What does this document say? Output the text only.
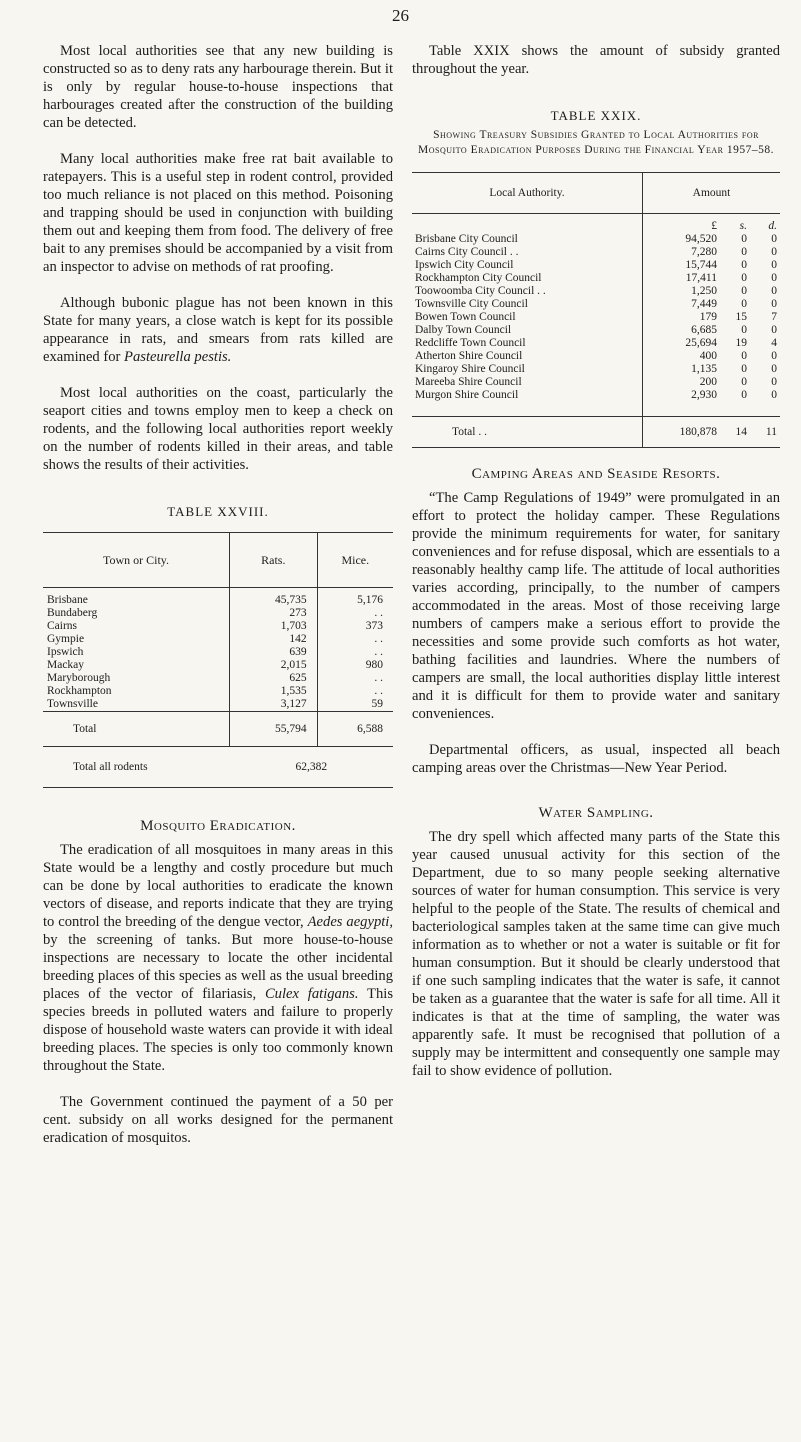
26

Most local authorities see that any new building is constructed so as to deny rats any harbourage therein. But it is only by regular house-to-house inspections that harbourages created after the construction of the building can be detected.

Many local authorities make free rat bait available to ratepayers. This is a useful step in rodent control, provided too much reliance is not placed on this method. Poisoning and trapping should be used in conjunction with building them out and keeping them from food. The delivery of free bait to any premises should be accompanied by a visit from an inspector to advise on methods of rat proofing.

Although bubonic plague has not been known in this State for many years, a close watch is kept for its possible appearance in rats, and smears from rats killed are examined for Pasteurella pestis.

Most local authorities on the coast, particularly the seaport cities and towns employ men to keep a check on rodents, and the following local authorities report weekly on the number of rodents killed in their areas, and table shows the results of their activities.

TABLE XXVIII.
Town or City.	Rats.	Mice.
Brisbane	45,735	5,176
Bundaberg	273	. .
Cairns	1,703	373
Gympie	142	. .
Ipswich	639	. .
Mackay	2,015	980
Maryborough	625	. .
Rockhampton	1,535	. .
Townsville	3,127	59
Total	55,794	6,588
Total all rodents	62,382	
Mosquito Eradication.

The eradication of all mosquitoes in many areas in this State would be a lengthy and costly procedure but much can be done by local authorities to eradicate the known vectors of disease, and reports indicate that they are trying to control the breeding of the dengue vector, Aedes aegypti, by the screening of tanks. But more house-to-house inspections are necessary to locate the other incidental breeding places of this species as well as the usual breeding places of the vector of filariasis, Culex fatigans. This species breeds in polluted waters and failure to properly dispose of household waste waters can provide it with ideal breeding places. The species is only too commonly known throughout the State.

The Government continued the payment of a 50 per cent. subsidy on all works designed for the permanent eradication of mosquitos.

Table XXIX shows the amount of subsidy granted throughout the year.

TABLE XXIX.
Showing Treasury Subsidies Granted to Local Authorities for Mosquito Eradication Purposes During the Financial Year 1957–58.
Local Authority.	Amount		
	£	s.	d.
Brisbane City Council	94,520	0	0
Cairns City Council . .	7,280	0	0
Ipswich City Council	15,744	0	0
Rockhampton City Council	17,411	0	0
Toowoomba City Council . .	1,250	0	0
Townsville City Council	7,449	0	0
Bowen Town Council	179	15	7
Dalby Town Council	6,685	0	0
Redcliffe Town Council	25,694	19	4
Atherton Shire Council	400	0	0
Kingaroy Shire Council	1,135	0	0
Mareeba Shire Council	200	0	0
Murgon Shire Council	2,930	0	0

Total . .	180,878	14	11
Camping Areas and Seaside Resorts.

“The Camp Regulations of 1949” were promulgated in an effort to protect the holiday camper. These Regulations provide the minimum requirements for water, for sanitary conveniences and for refuse disposal, which are essentials to a reasonably healthy camp life. The attitude of local authorities varies according, principally, to the number of campers accommodated in the areas. Most of those receiving large numbers of campers make a serious effort to provide the necessities and some provide such comforts as hot water, bathing facilities and laundries. Where the numbers of campers are small, the local authorities display little interest and it is difficult for them to provide water and sanitary conveniences.

Departmental officers, as usual, inspected all beach camping areas over the Christmas—New Year Period.

Water Sampling.

The dry spell which affected many parts of the State this year caused unusual activity for this section of the Department, due to so many people seeking alternative sources of water for human consumption. This service is very helpful to the people of the State. The results of chemical and bacteriological samples taken at the same time can give much information as to whether or not a water is suitable or fit for human consumption. But it should be clearly understood that if one such sampling indicates that the water is safe, it cannot be taken as a guarantee that the water is safe for all time. All it indicates is that at the time of sampling, the water was apparently safe. It must be recognised that pollution of a supply may be intermittent and consequently one sample may fail to show evidence of pollution.
